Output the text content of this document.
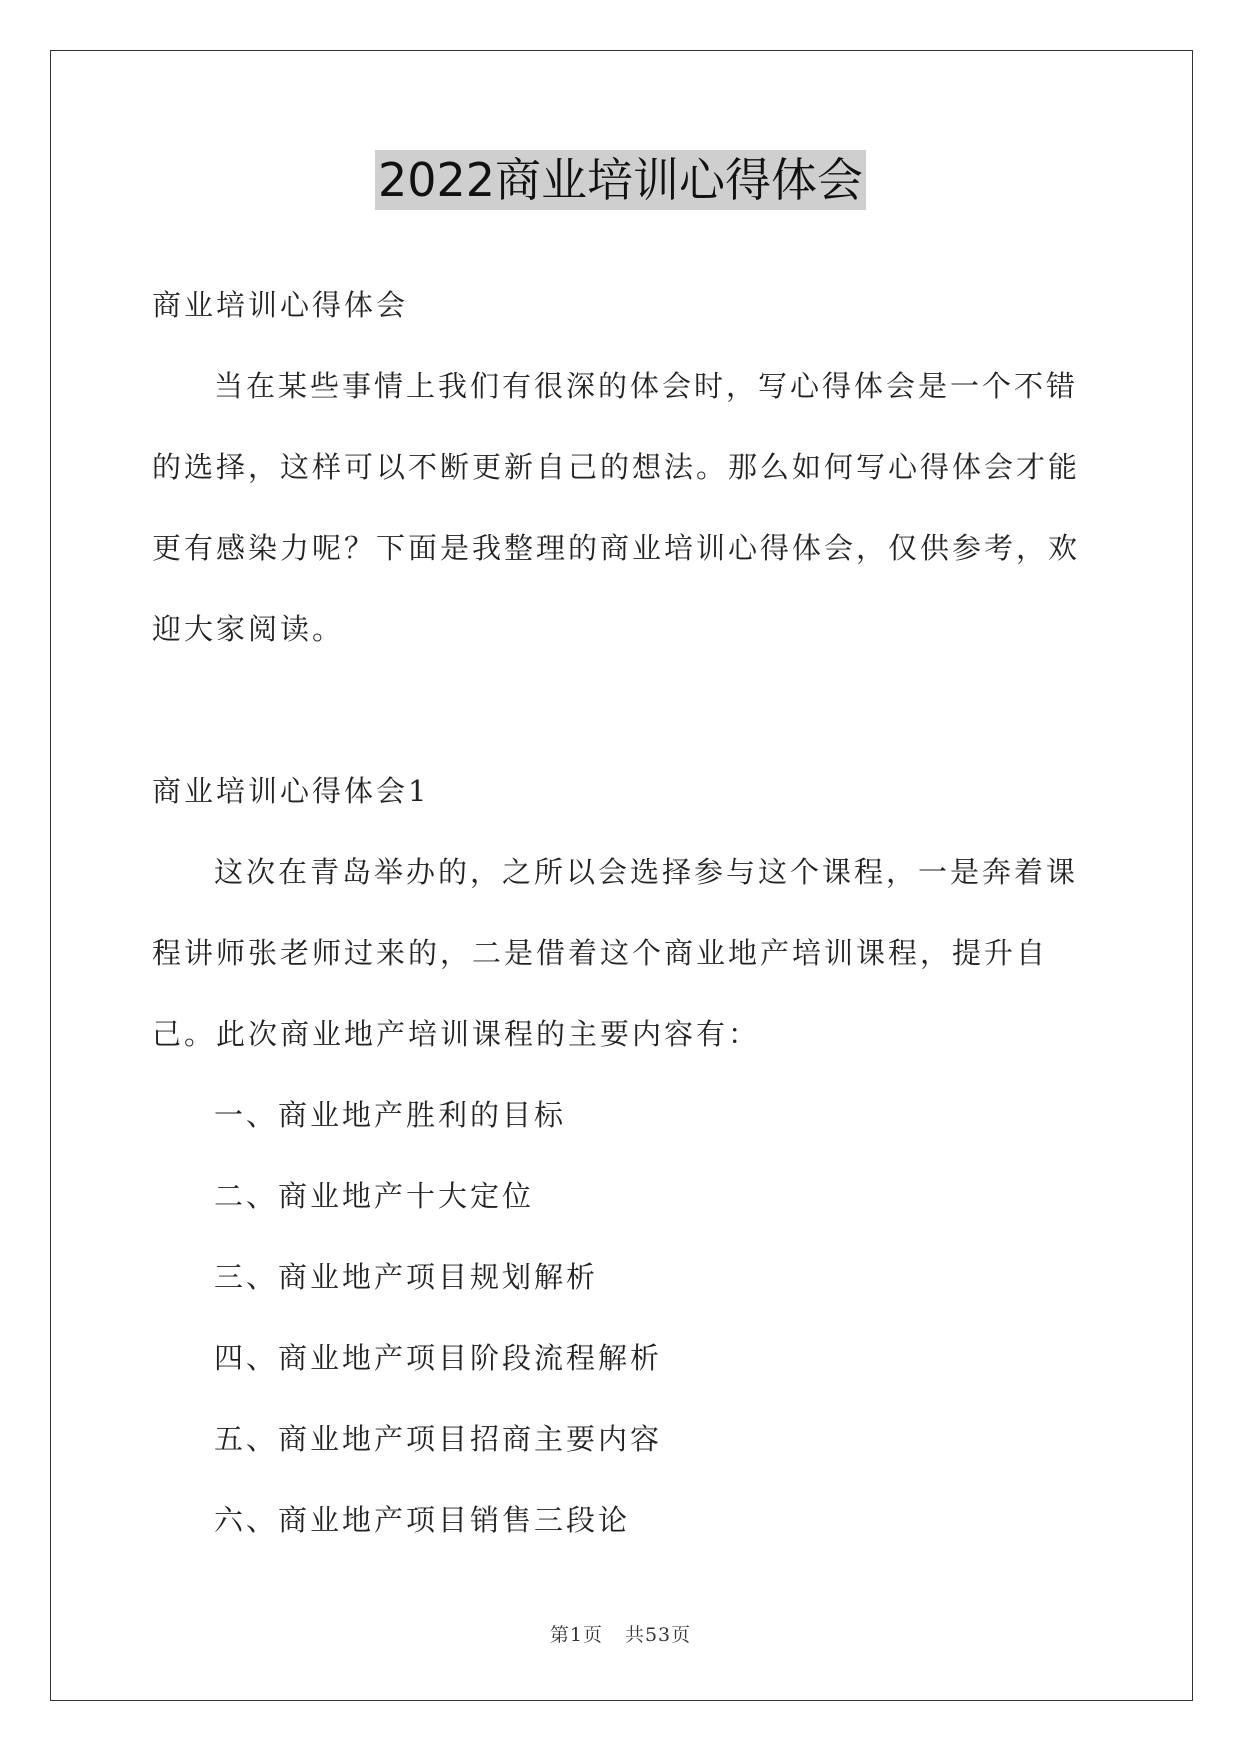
2022商业培训心得体会

商业培训心得体会

当在某些事情上我们有很深的体会时，写心得体会是一个不错的选择，这样可以不断更新自己的想法。那么如何写心得体会才能更有感染力呢？下面是我整理的商业培训心得体会，仅供参考，欢迎大家阅读。

商业培训心得体会1

这次在青岛举办的，之所以会选择参与这个课程，一是奔着课程讲师张老师过来的，二是借着这个商业地产培训课程，提升自己。此次商业地产培训课程的主要内容有：

一、商业地产胜利的目标

二、商业地产十大定位

三、商业地产项目规划解析

四、商业地产项目阶段流程解析

五、商业地产项目招商主要内容

六、商业地产项目销售三段论

第1页 共53页
